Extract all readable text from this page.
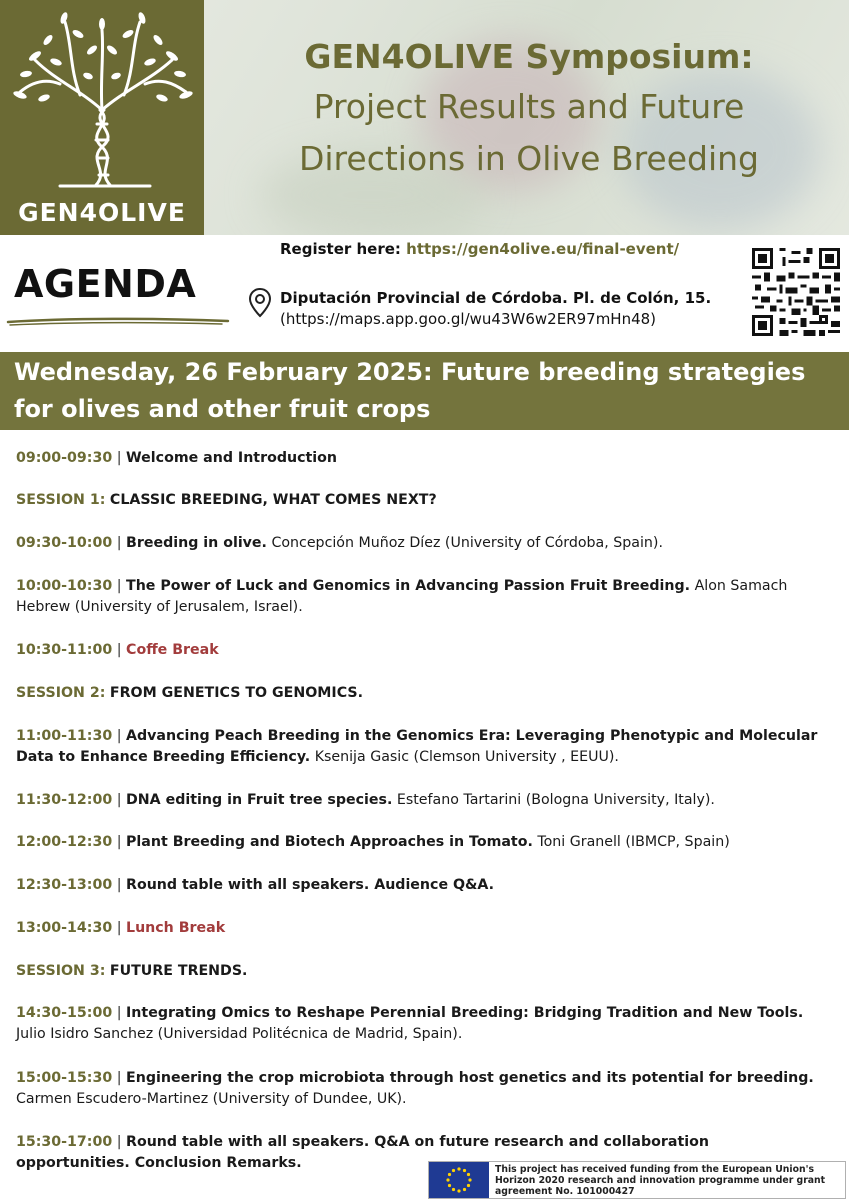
GEN4OLIVE
GEN4OLIVE Symposium:
Project Results and Future
Directions in Olive Breeding
Register here: https://gen4olive.eu/final-event/
AGENDA	Diputación Provincial de Córdoba. Pl. de Colón, 15.
(https://maps.app.goo.gl/wu43W6w2ER97mHn48)
Wednesday, 26 February 2025: Future breeding strategies for olives and other fruit crops
09:00-09:30 | Welcome and Introduction
SESSION 1: CLASSIC BREEDING, WHAT COMES NEXT?
09:30-10:00 | Breeding in olive. Concepción Muñoz Díez (University of Córdoba, Spain).
10:00-10:30 | The Power of Luck and Genomics in Advancing Passion Fruit Breeding. Alon Samach Hebrew (University of Jerusalem, Israel).
10:30-11:00 | Coffe Break
SESSION 2: FROM GENETICS TO GENOMICS.
11:00-11:30 | Advancing Peach Breeding in the Genomics Era: Leveraging Phenotypic and Molecular Data to Enhance Breeding Efficiency. Ksenija Gasic (Clemson University , EEUU).
11:30-12:00 | DNA editing in Fruit tree species. Estefano Tartarini (Bologna University, Italy).
12:00-12:30 | Plant Breeding and Biotech Approaches in Tomato. Toni Granell (IBMCP, Spain)
12:30-13:00 | Round table with all speakers. Audience Q&A.
13:00-14:30 | Lunch Break
SESSION 3: FUTURE TRENDS.
14:30-15:00 | Integrating Omics to Reshape Perennial Breeding: Bridging Tradition and New Tools. Julio Isidro Sanchez (Universidad Politécnica de Madrid, Spain).
15:00-15:30 | Engineering the crop microbiota through host genetics and its potential for breeding. Carmen Escudero-Martinez (University of Dundee, UK).
15:30-17:00 | Round table with all speakers. Q&A on future research and collaboration opportunities. Conclusion Remarks.	This project has received funding from the European Union's Horizon 2020 research and innovation programme under grant agreement No. 101000427
